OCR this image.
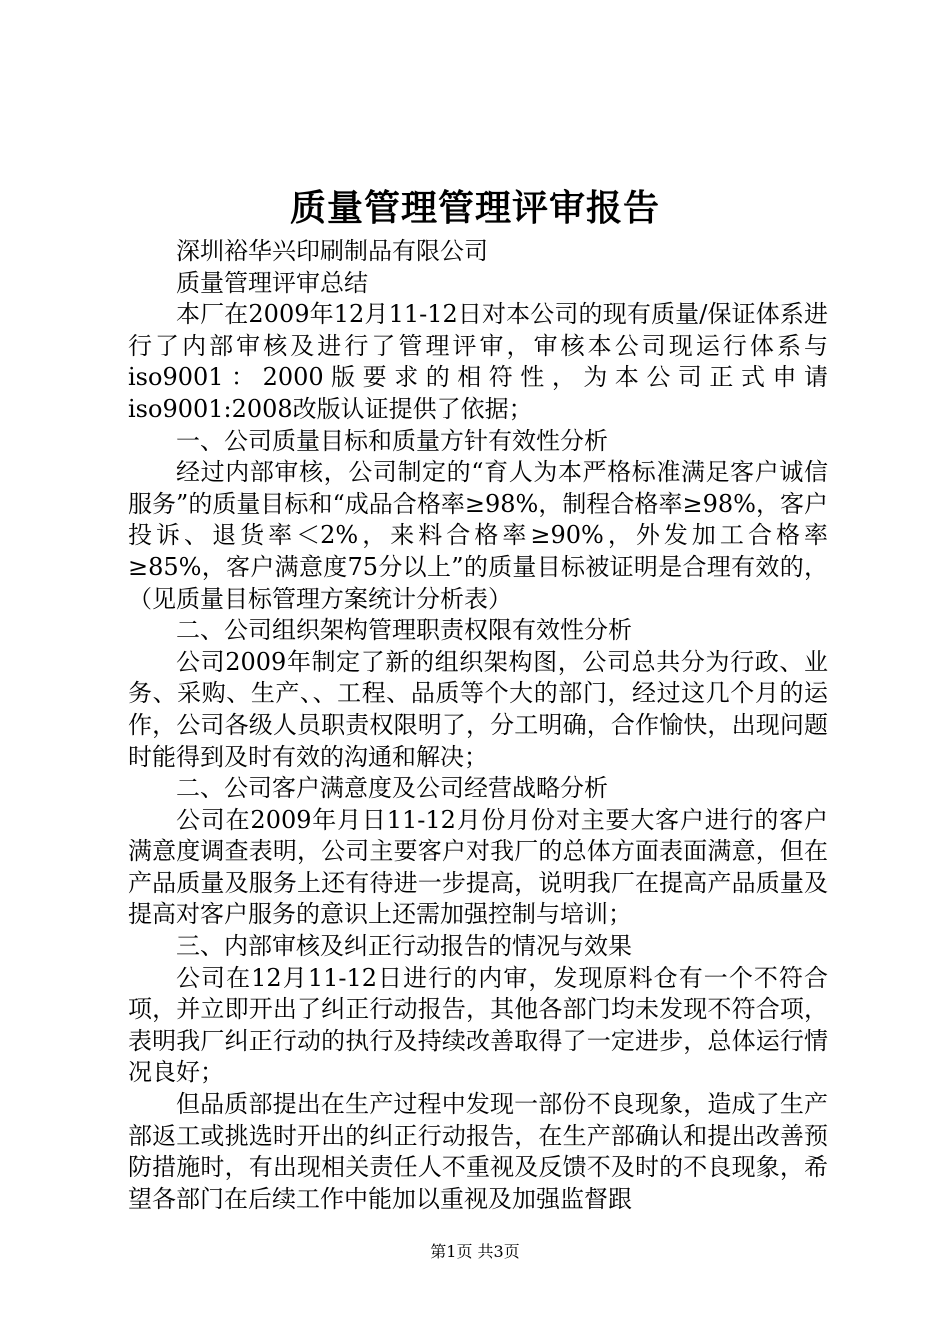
质量管理管理评审报告

深圳裕华兴印刷制品有限公司

质量管理评审总结

本厂在2009年12月11-12日对本公司的现有质量/保证体系进行了内部审核及进行了管理评审，审核本公司现运行体系与iso9001：2000版要求的相符性，为本公司正式申请iso9001:2008改版认证提供了依据；

一、公司质量目标和质量方针有效性分析

经过内部审核，公司制定的“育人为本严格标准满足客户诚信服务”的质量目标和“成品合格率≥98%，制程合格率≥98%，客户投诉、退货率＜2%，来料合格率≥90%，外发加工合格率≥85%，客户满意度75分以上”的质量目标被证明是合理有效的，（见质量目标管理方案统计分析表）

二、公司组织架构管理职责权限有效性分析

公司2009年制定了新的组织架构图，公司总共分为行政、业务、采购、生产、、工程、品质等个大的部门，经过这几个月的运作，公司各级人员职责权限明了，分工明确，合作愉快，出现问题时能得到及时有效的沟通和解决；

二、公司客户满意度及公司经营战略分析

公司在2009年月日11-12月份月份对主要大客户进行的客户满意度调查表明，公司主要客户对我厂的总体方面表面满意，但在产品质量及服务上还有待进一步提高，说明我厂在提高产品质量及提高对客户服务的意识上还需加强控制与培训；

三、内部审核及纠正行动报告的情况与效果

公司在12月11-12日进行的内审，发现原料仓有一个不符合项，并立即开出了纠正行动报告，其他各部门均未发现不符合项，表明我厂纠正行动的执行及持续改善取得了一定进步，总体运行情况良好；

但品质部提出在生产过程中发现一部份不良现象，造成了生产部返工或挑选时开出的纠正行动报告，在生产部确认和提出改善预防措施时，有出现相关责任人不重视及反馈不及时的不良现象，希望各部门在后续工作中能加以重视及加强监督跟

第1页 共3页
